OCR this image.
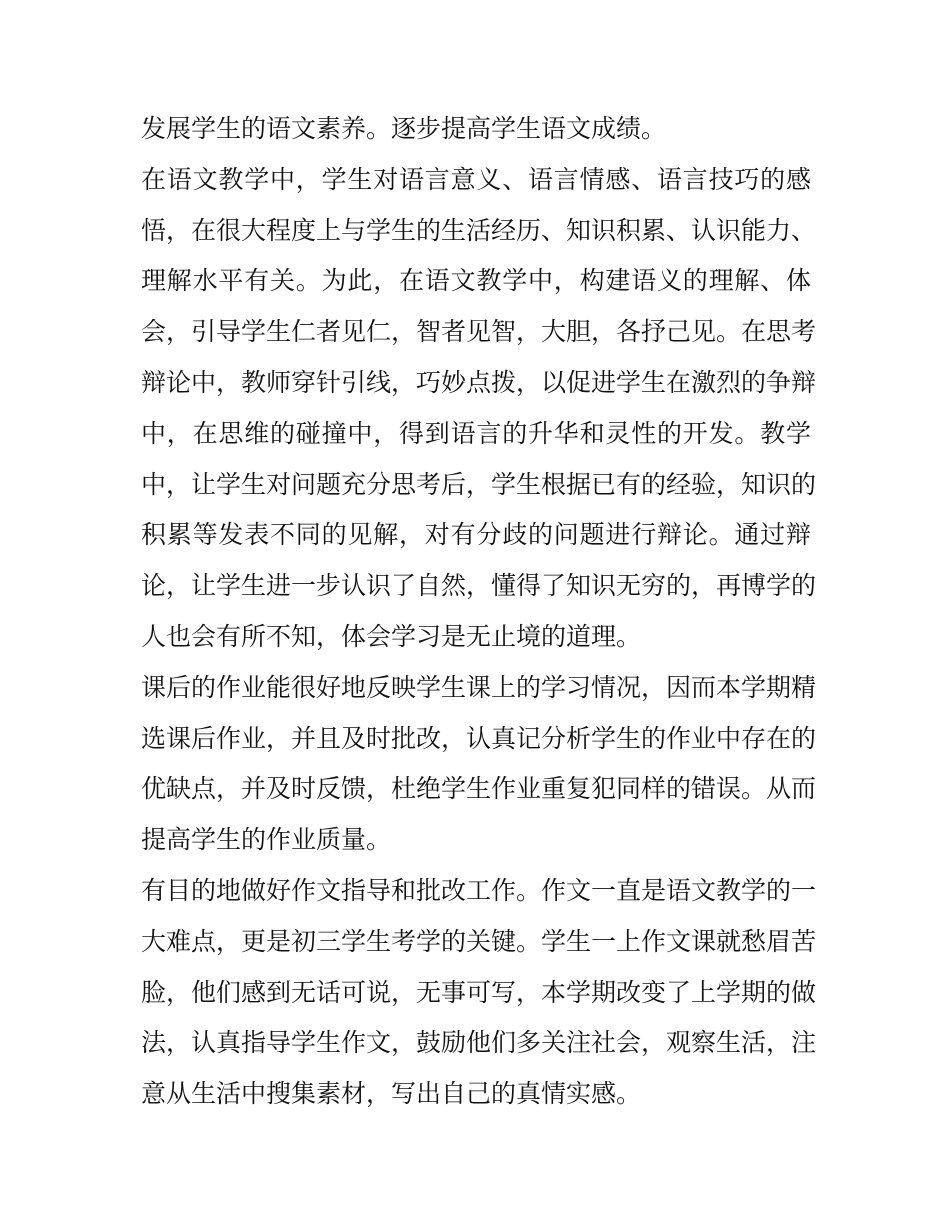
发展学生的语文素养。逐步提高学生语文成绩。
在语文教学中，学生对语言意义、语言情感、语言技巧的感
悟，在很大程度上与学生的生活经历、知识积累、认识能力、
理解水平有关。为此，在语文教学中，构建语义的理解、体
会，引导学生仁者见仁，智者见智，大胆，各抒己见。在思考
辩论中，教师穿针引线，巧妙点拨，以促进学生在激烈的争辩
中，在思维的碰撞中，得到语言的升华和灵性的开发。教学
中，让学生对问题充分思考后，学生根据已有的经验，知识的
积累等发表不同的见解，对有分歧的问题进行辩论。通过辩
论，让学生进一步认识了自然，懂得了知识无穷的，再博学的
人也会有所不知，体会学习是无止境的道理。
课后的作业能很好地反映学生课上的学习情况，因而本学期精
选课后作业，并且及时批改，认真记分析学生的作业中存在的
优缺点，并及时反馈，杜绝学生作业重复犯同样的错误。从而
提高学生的作业质量。
有目的地做好作文指导和批改工作。作文一直是语文教学的一
大难点，更是初三学生考学的关键。学生一上作文课就愁眉苦
脸，他们感到无话可说，无事可写，本学期改变了上学期的做
法，认真指导学生作文，鼓励他们多关注社会，观察生活，注
意从生活中搜集素材，写出自己的真情实感。
